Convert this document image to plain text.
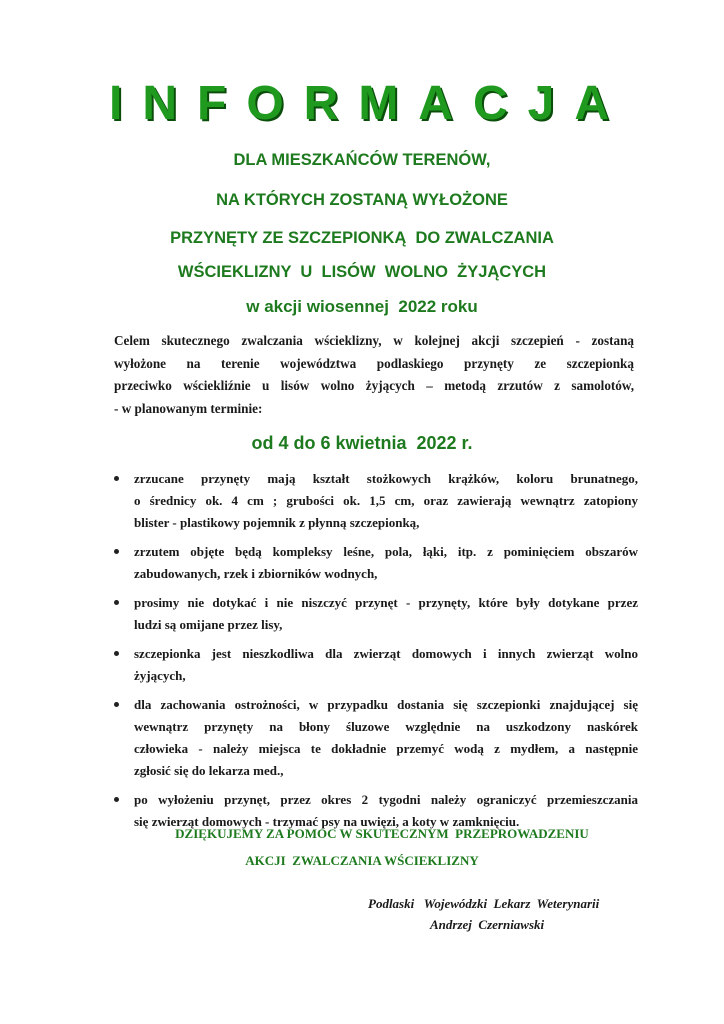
INFORMACJA
DLA MIESZKAŃCÓW TERENÓW,
NA KTÓRYCH ZOSTANĄ WYŁOŻONE
PRZYNĘTY ZE SZCZEPIONKĄ  DO ZWALCZANIA
WŚCIEKLIZNY  U  LISÓW  WOLNO  ŻYJĄCYCH
w akcji wiosennej  2022 roku
Celem skutecznego zwalczania wścieklizny, w kolejnej akcji szczepień - zostaną
wyłożone na terenie województwa podlaskiego przynęty ze szczepionką
przeciwko wściekliźnie u lisów wolno żyjących – metodą zrzutów z samolotów,
- w planowanym terminie:
od 4 do 6 kwietnia  2022 r.
zrzucane przynęty mają kształt stożkowych krążków, koloru brunatnego,
o średnicy ok. 4 cm ; grubości ok. 1,5 cm, oraz zawierają wewnątrz zatopiony
blister - plastikowy pojemnik z płynną szczepionką,
zrzutem objęte będą kompleksy leśne, pola, łąki, itp. z pominięciem obszarów
zabudowanych, rzek i zbiorników wodnych,
prosimy nie dotykać i nie niszczyć przynęt - przynęty, które były dotykane przez
ludzi są omijane przez lisy,
szczepionka jest nieszkodliwa dla zwierząt domowych i innych zwierząt wolno
żyjących,
dla zachowania ostrożności, w przypadku dostania się szczepionki znajdującej się
wewnątrz przynęty na błony śluzowe względnie na uszkodzony naskórek
człowieka - należy miejsca te dokładnie przemyć wodą z mydłem, a następnie
zgłosić się do lekarza med.,
po wyłożeniu przynęt, przez okres 2 tygodni należy ograniczyć przemieszczania
się zwierząt domowych - trzymać psy na uwięzi, a koty w zamknięciu.
DZIĘKUJEMY ZA POMOC W SKUTECZNYM  PRZEPROWADZENIU
AKCJI  ZWALCZANIA WŚCIEKLIZNY
Podlaski   Wojewódzki  Lekarz  Weterynarii
Andrzej  Czerniawski
